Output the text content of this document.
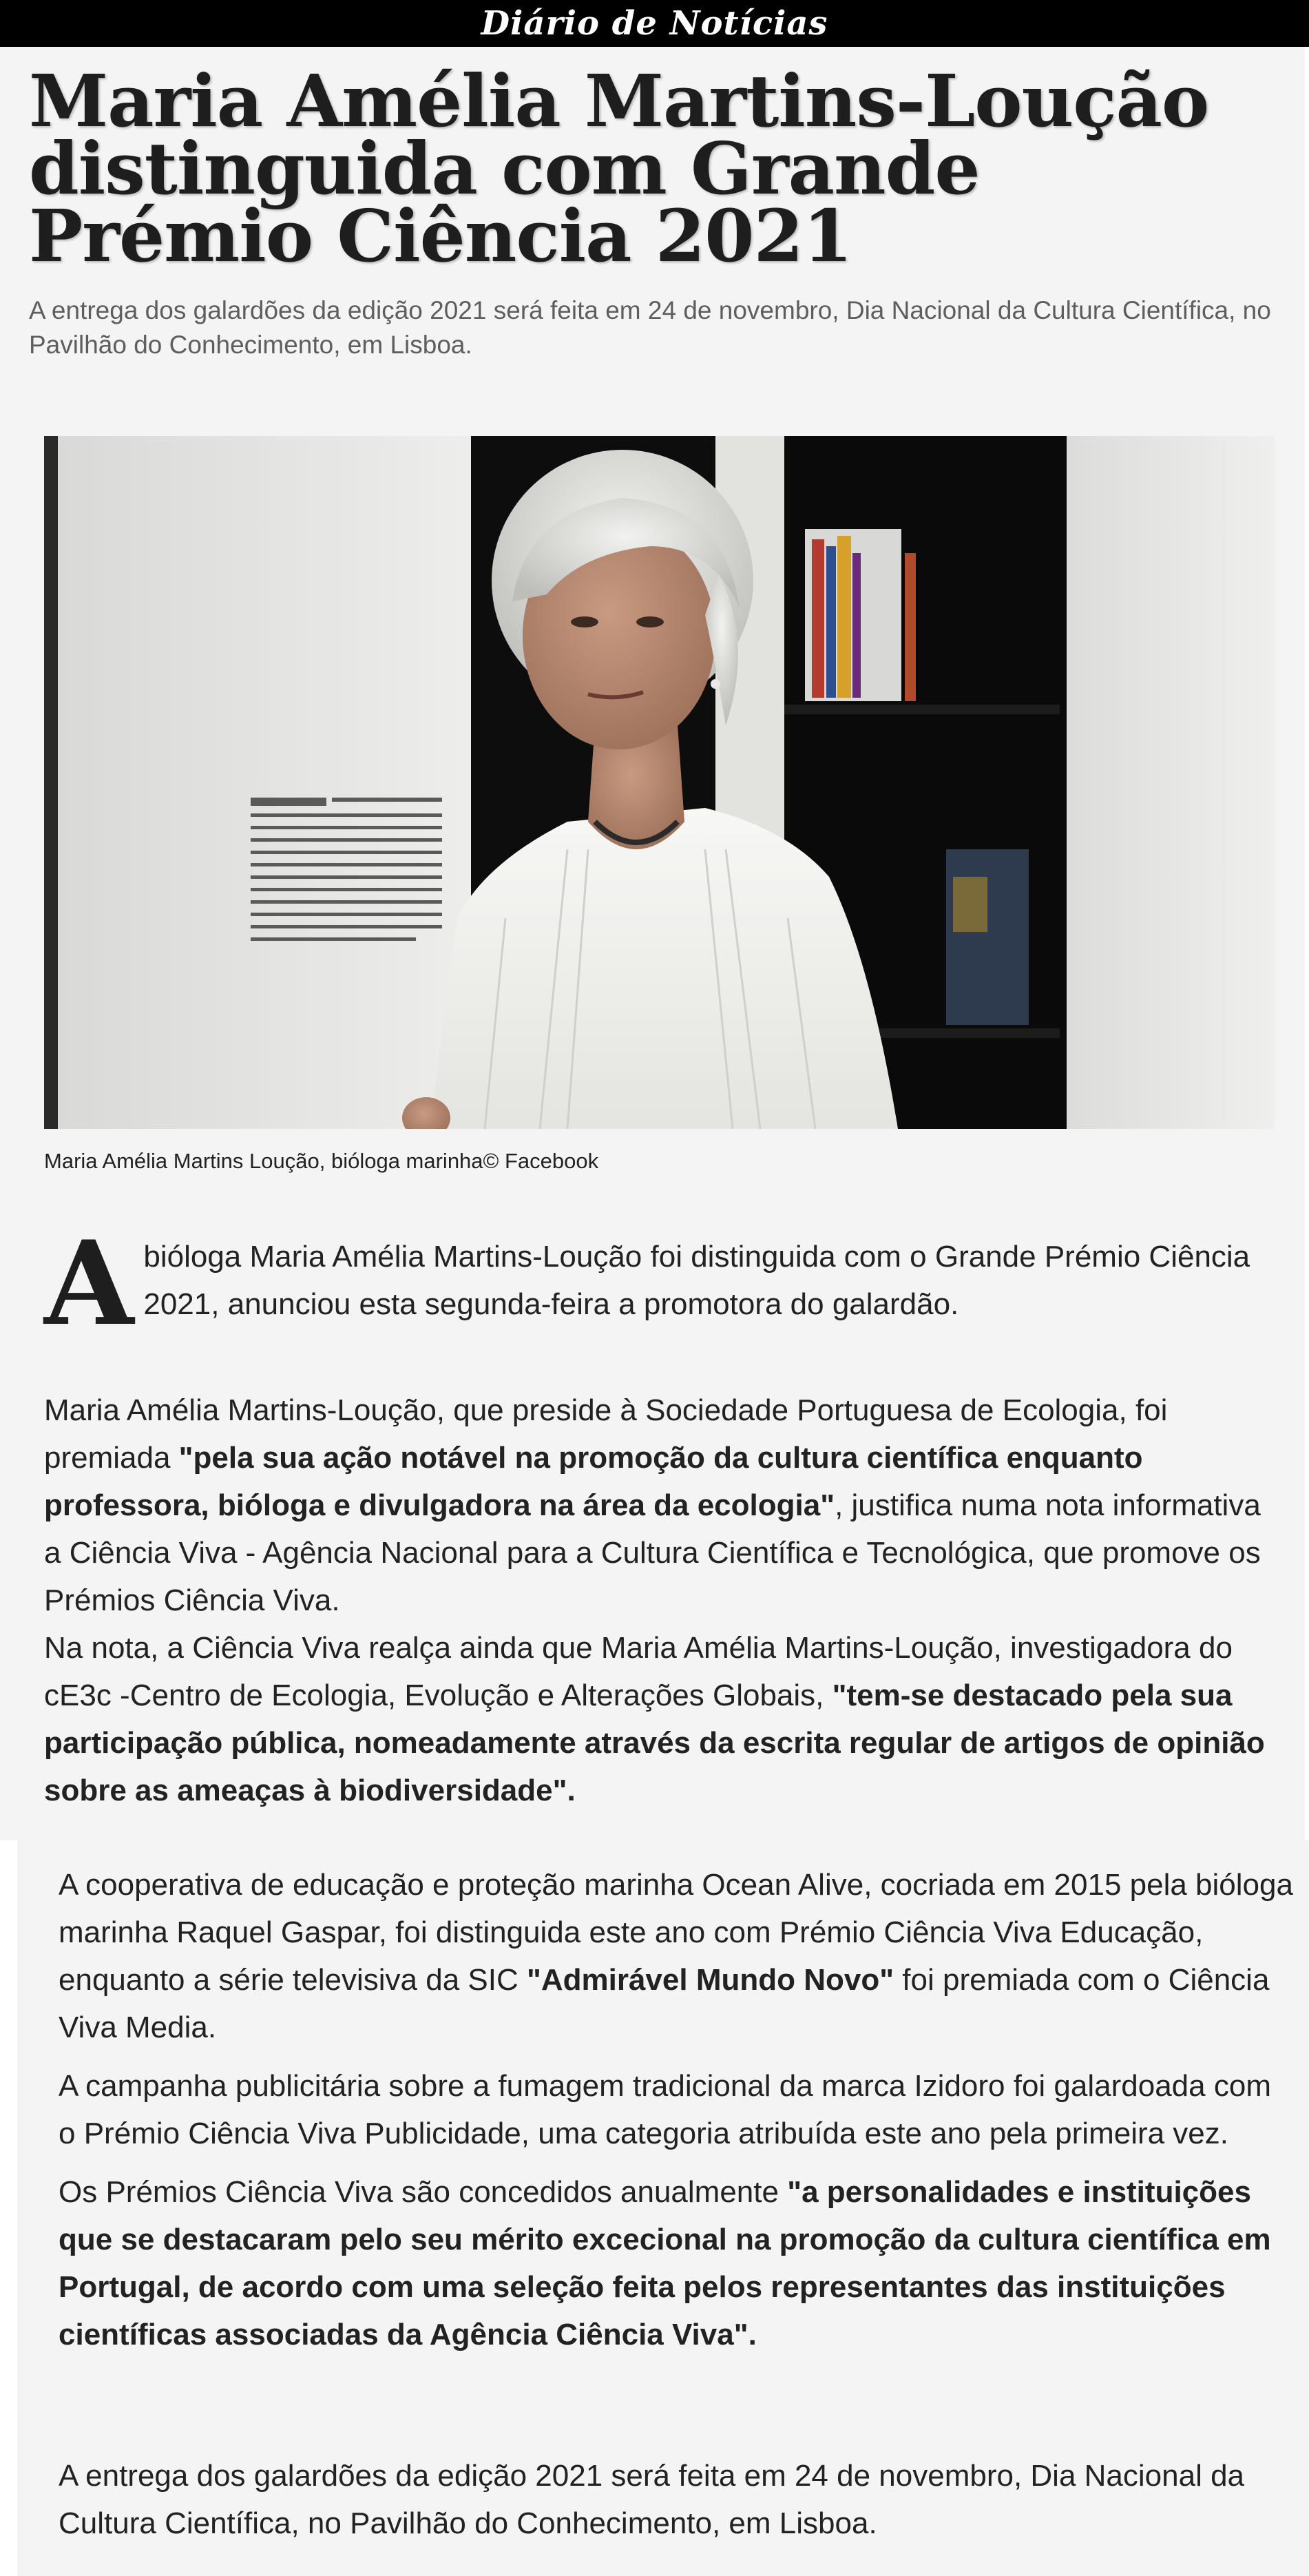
Diário de Notícias
Maria Amélia Martins-Loução distinguida com Grande Prémio Ciência 2021

A entrega dos galardões da edição 2021 será feita em 24 de novembro, Dia Nacional da Cultura Científica, no Pavilhão do Conhecimento, em Lisboa.

Maria Amélia Martins Loução, bióloga marinha© Facebook
A bióloga Maria Amélia Martins-Loução foi distinguida com o Grande Prémio Ciência 2021, anunciou esta segunda-feira a promotora do galardão.

Maria Amélia Martins-Loução, que preside à Sociedade Portuguesa de Ecologia, foi premiada "pela sua ação notável na promoção da cultura científica enquanto professora, bióloga e divulgadora na área da ecologia", justifica numa nota informativa a Ciência Viva - Agência Nacional para a Cultura Científica e Tecnológica, que promove os Prémios Ciência Viva.

Na nota, a Ciência Viva realça ainda que Maria Amélia Martins-Loução, investigadora do cE3c -Centro de Ecologia, Evolução e Alterações Globais, "tem-se destacado pela sua participação pública, nomeadamente através da escrita regular de artigos de opinião sobre as ameaças à biodiversidade".

A cooperativa de educação e proteção marinha Ocean Alive, cocriada em 2015 pela bióloga marinha Raquel Gaspar, foi distinguida este ano com Prémio Ciência Viva Educação, enquanto a série televisiva da SIC "Admirável Mundo Novo" foi premiada com o Ciência Viva Media.

A campanha publicitária sobre a fumagem tradicional da marca Izidoro foi galardoada com o Prémio Ciência Viva Publicidade, uma categoria atribuída este ano pela primeira vez.

Os Prémios Ciência Viva são concedidos anualmente "a personalidades e instituições que se destacaram pelo seu mérito excecional na promoção da cultura científica em Portugal, de acordo com uma seleção feita pelos representantes das instituições científicas associadas da Agência Ciência Viva".

A entrega dos galardões da edição 2021 será feita em 24 de novembro, Dia Nacional da Cultura Científica, no Pavilhão do Conhecimento, em Lisboa.
